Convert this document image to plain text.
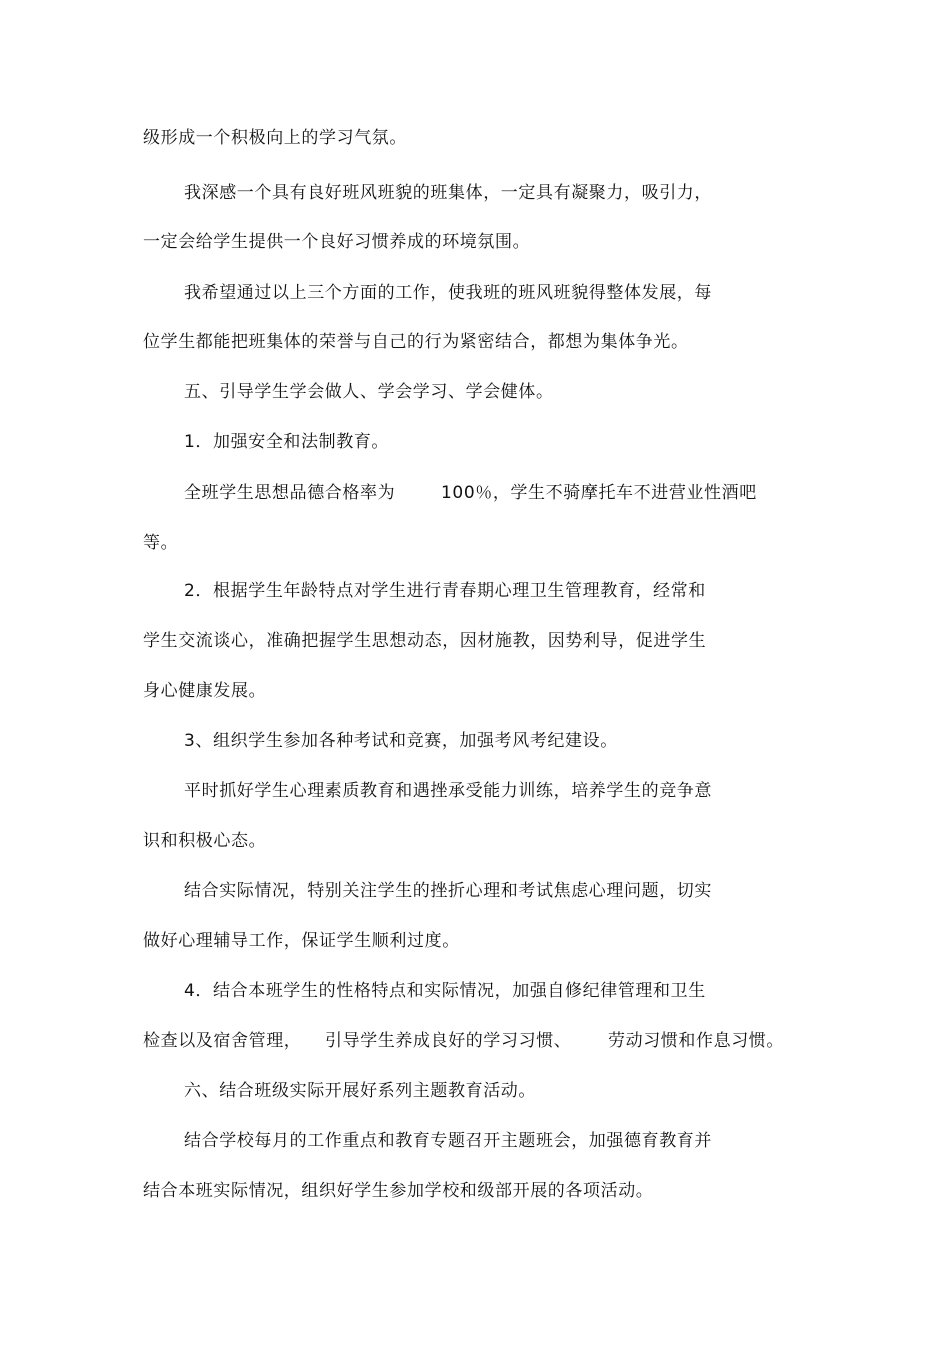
级形成一个积极向上的学习气氛。
我深感一个具有良好班风班貌的班集体，一定具有凝聚力，吸引力，
一定会给学生提供一个良好习惯养成的环境氛围。
我希望通过以上三个方面的工作，使我班的班风班貌得整体发展，每
位学生都能把班集体的荣誉与自己的行为紧密结合，都想为集体争光。
五、引导学生学会做人、学会学习、学会健体。
1．加强安全和法制教育。
全班学生思想品德合格率为	100％，学生不骑摩托车不进营业性酒吧
等。
2．根据学生年龄特点对学生进行青春期心理卫生管理教育，经常和
学生交流谈心，准确把握学生思想动态，因材施教，因势利导，促进学生
身心健康发展。
3、组织学生参加各种考试和竞赛，加强考风考纪建设。
平时抓好学生心理素质教育和遇挫承受能力训练，培养学生的竞争意
识和积极心态。
结合实际情况，特别关注学生的挫折心理和考试焦虑心理问题，切实
做好心理辅导工作，保证学生顺利过度。
4．结合本班学生的性格特点和实际情况，加强自修纪律管理和卫生
检查以及宿舍管理， 引导学生养成良好的学习习惯、 劳动习惯和作息习惯。
六、结合班级实际开展好系列主题教育活动。
结合学校每月的工作重点和教育专题召开主题班会，加强德育教育并
结合本班实际情况，组织好学生参加学校和级部开展的各项活动。
